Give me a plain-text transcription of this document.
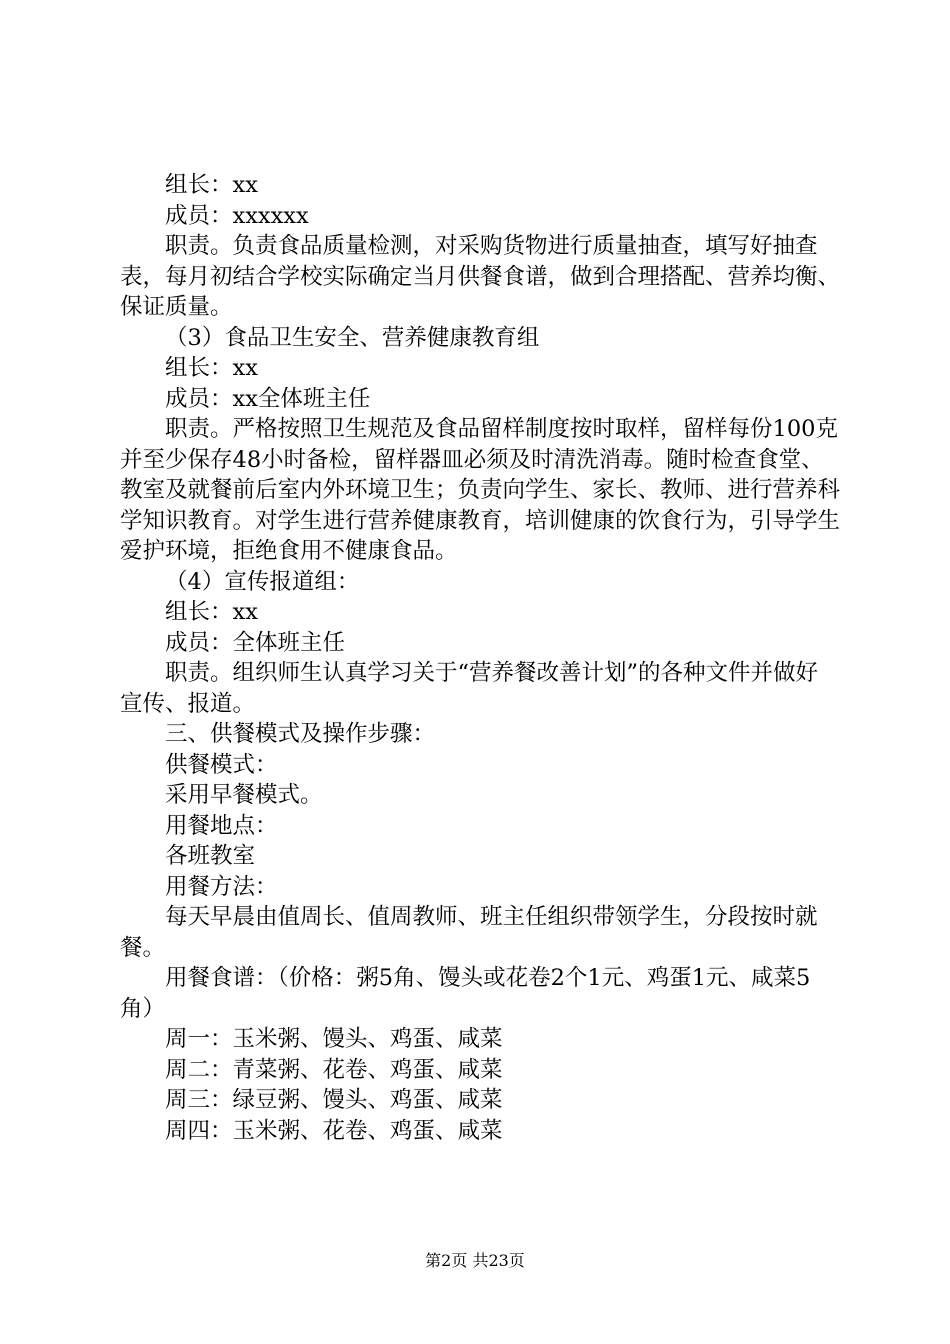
组长：xx

成员：xxxxxx

职责。负责食品质量检测，对采购货物进行质量抽查，填写好抽查表，每月初结合学校实际确定当月供餐食谱，做到合理搭配、营养均衡、保证质量。

（3）食品卫生安全、营养健康教育组

组长：xx

成员：xx全体班主任

职责。严格按照卫生规范及食品留样制度按时取样，留样每份100克并至少保存48小时备检，留样器皿必须及时清洗消毒。随时检查食堂、教室及就餐前后室内外环境卫生；负责向学生、家长、教师、进行营养科学知识教育。对学生进行营养健康教育，培训健康的饮食行为，引导学生爱护环境，拒绝食用不健康食品。

（4）宣传报道组：

组长：xx

成员：全体班主任

职责。组织师生认真学习关于“营养餐改善计划”的各种文件并做好宣传、报道。

三、供餐模式及操作步骤：

供餐模式：

采用早餐模式。

用餐地点：

各班教室

用餐方法：

每天早晨由值周长、值周教师、班主任组织带领学生，分段按时就餐。

用餐食谱：（价格：粥5角、馒头或花卷2个1元、鸡蛋1元、咸菜5角）

周一：玉米粥、馒头、鸡蛋、咸菜

周二：青菜粥、花卷、鸡蛋、咸菜

周三：绿豆粥、馒头、鸡蛋、咸菜

周四：玉米粥、花卷、鸡蛋、咸菜

第2页 共23页
